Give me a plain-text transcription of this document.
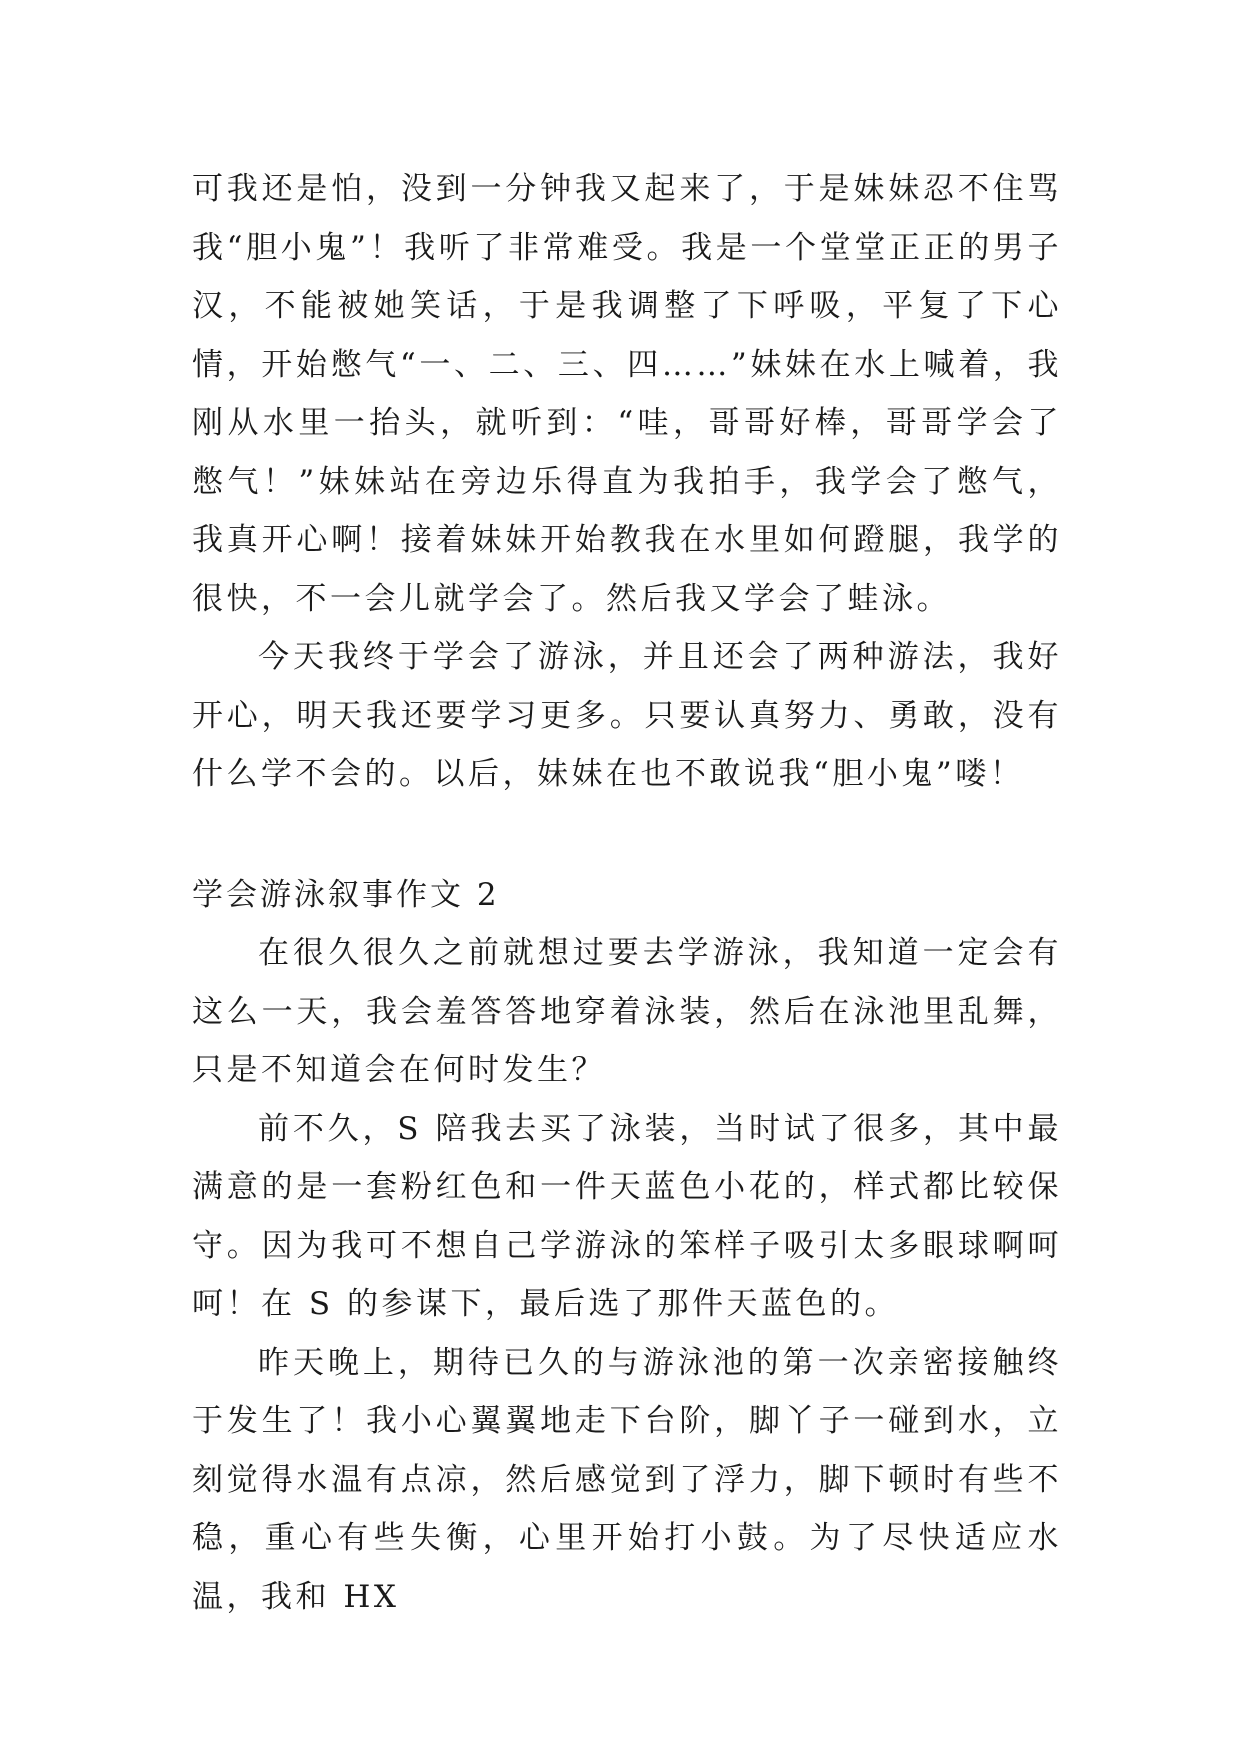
可我还是怕，没到一分钟我又起来了，于是妹妹忍不住骂我“胆小鬼”！我听了非常难受。我是一个堂堂正正的男子汉，不能被她笑话，于是我调整了下呼吸，平复了下心情，开始憋气“一、二、三、四……”妹妹在水上喊着，我刚从水里一抬头，就听到：“哇，哥哥好棒，哥哥学会了憋气！”妹妹站在旁边乐得直为我拍手，我学会了憋气，我真开心啊！接着妹妹开始教我在水里如何蹬腿，我学的很快，不一会儿就学会了。然后我又学会了蛙泳。

今天我终于学会了游泳，并且还会了两种游法，我好开心，明天我还要学习更多。只要认真努力、勇敢，没有什么学不会的。以后，妹妹在也不敢说我“胆小鬼”喽！

学会游泳叙事作文 2

在很久很久之前就想过要去学游泳，我知道一定会有这么一天，我会羞答答地穿着泳装，然后在泳池里乱舞，只是不知道会在何时发生？

前不久，S 陪我去买了泳装，当时试了很多，其中最满意的是一套粉红色和一件天蓝色小花的，样式都比较保守。因为我可不想自己学游泳的笨样子吸引太多眼球啊呵呵！在 S 的参谋下，最后选了那件天蓝色的。

昨天晚上，期待已久的与游泳池的第一次亲密接触终于发生了！我小心翼翼地走下台阶，脚丫子一碰到水，立刻觉得水温有点凉，然后感觉到了浮力，脚下顿时有些不稳，重心有些失衡，心里开始打小鼓。为了尽快适应水温，我和 HX
